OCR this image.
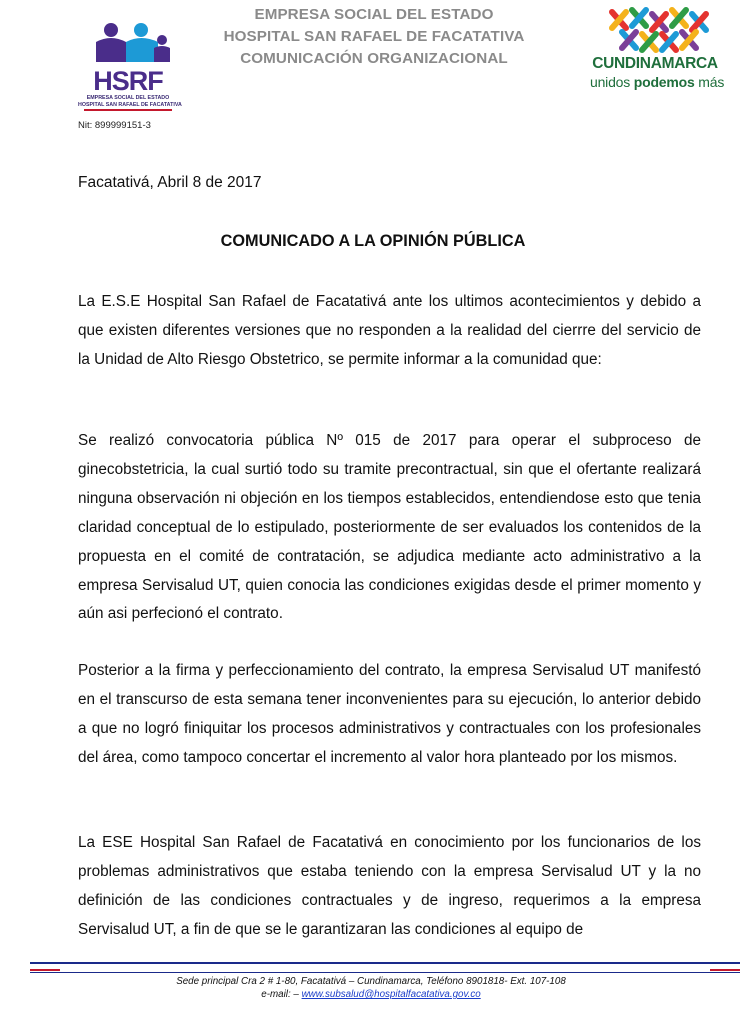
HSRF
EMPRESA SOCIAL DEL ESTADO
HOSPITAL SAN RAFAEL DE FACATATIVA
Nit: 899999151-3
EMPRESA SOCIAL DEL ESTADO
HOSPITAL SAN RAFAEL DE FACATATIVA
COMUNICACIÓN ORGANIZACIONAL	CUNDINAMARCA
unidos podemos más
Facatativá, Abril 8 de 2017
COMUNICADO A LA OPINIÓN PÚBLICA

La E.S.E Hospital San Rafael de Facatativá ante los ultimos acontecimientos y debido a que existen diferentes versiones que no responden a la realidad del cierrre del servicio de la Unidad de Alto Riesgo Obstetrico, se permite informar a la comunidad que:

Se realizó convocatoria pública Nº 015 de 2017 para operar el subproceso de ginecobstetricia, la cual surtió todo su tramite precontractual, sin que el ofertante realizará ninguna observación ni objeción en los tiempos establecidos, entendiendose esto que tenia claridad conceptual de lo estipulado, posteriormente de ser evaluados los contenidos de la propuesta en el comité de contratación, se adjudica mediante acto administrativo a la empresa Servisalud UT, quien conocia las condiciones exigidas desde el primer momento y aún asi perfecionó el contrato.

Posterior a la firma y perfeccionamiento del contrato, la empresa Servisalud UT manifestó en el transcurso de esta semana tener inconvenientes para su ejecución, lo anterior debido a que no logró finiquitar los procesos administrativos y contractuales con los profesionales del área, como tampoco concertar el incremento al valor hora planteado por los mismos.

La ESE Hospital San Rafael de Facatativá en conocimiento por los funcionarios de los problemas administrativos que estaba teniendo con la empresa Servisalud UT y la no definición de las condiciones contractuales y de ingreso, requerimos a la empresa Servisalud UT, a fin de que se le garantizaran las condiciones al equipo de

Sede principal Cra 2 # 1-80, Facatativá – Cundinamarca, Teléfono 8901818- Ext. 107-108
e-mail: – www.subsalud@hospitalfacatativa.gov.co
